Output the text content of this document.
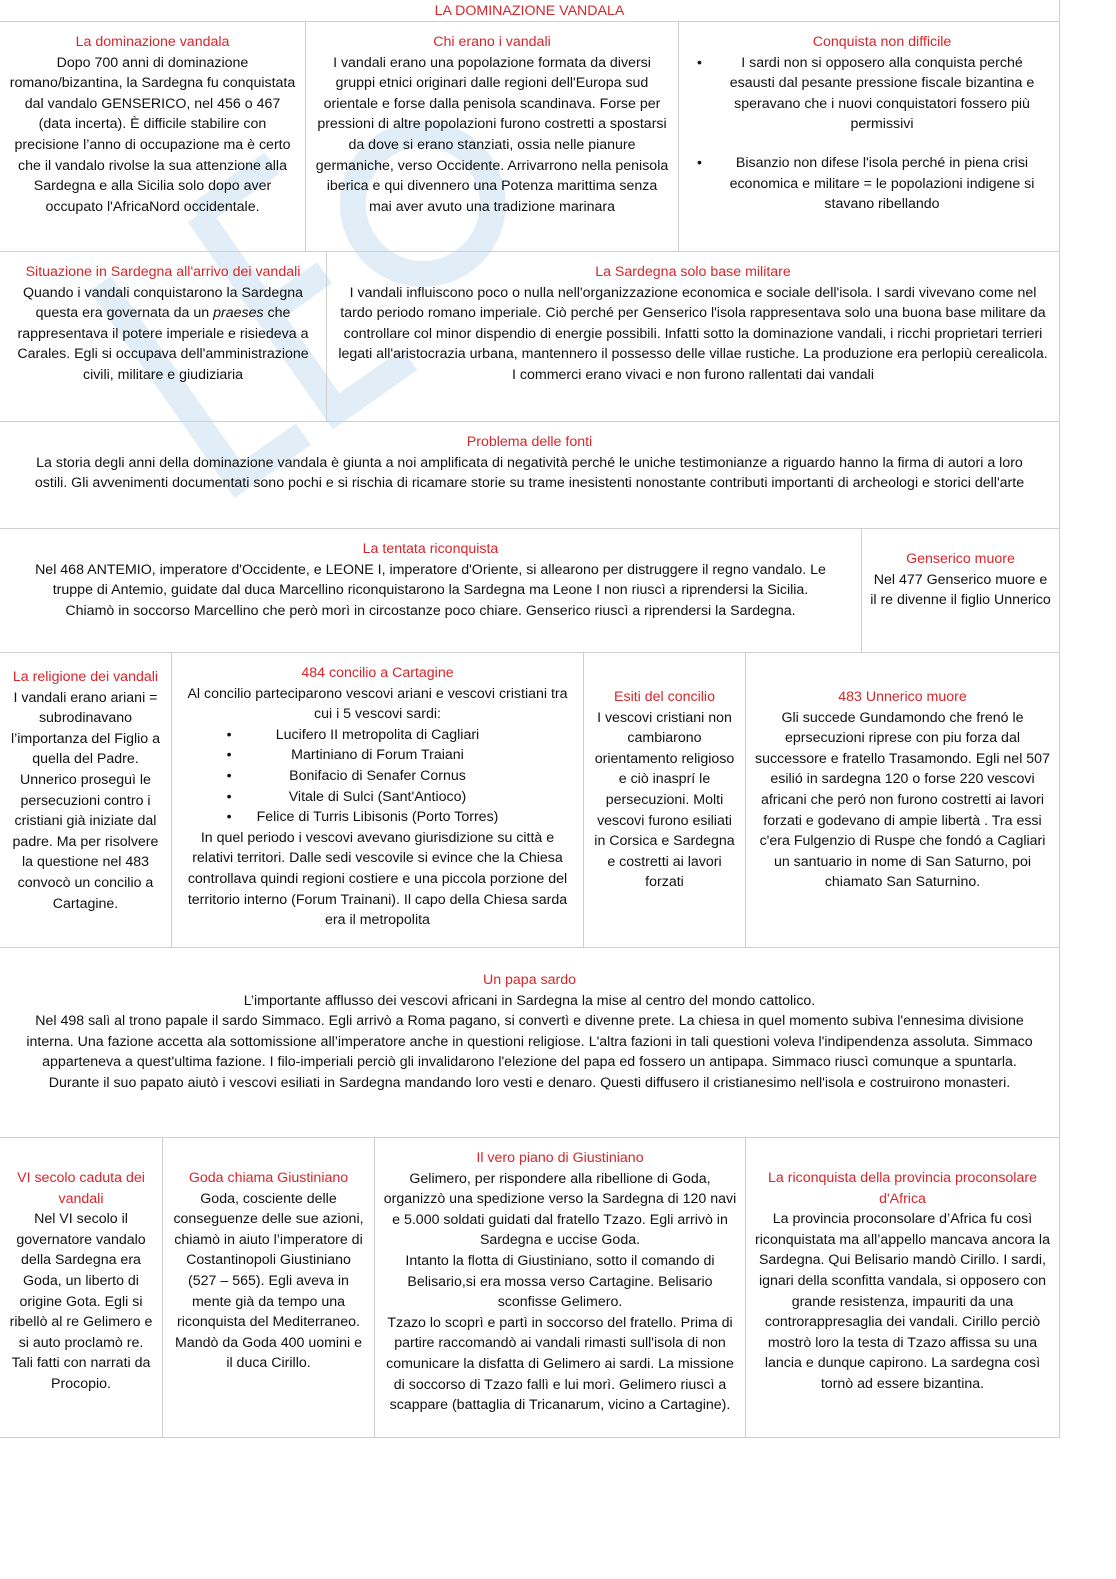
LA DOMINAZIONE VANDALA
La dominazione vandala
Dopo 700 anni di dominazione romano/bizantina, la Sardegna fu conquistata dal vandalo GENSERICO, nel 456 o 467 (data incerta). È difficile stabilire con precisione l’anno di occupazione ma è certo che il vandalo rivolse la sua attenzione alla Sardegna e alla Sicilia solo dopo aver occupato l'AfricaNord occidentale.
Chi erano i vandali
I vandali erano una popolazione formata da diversi gruppi etnici originari dalle regioni dell'Europa sud orientale e forse dalla penisola scandinava. Forse per pressioni di altre popolazioni furono costretti a spostarsi da dove si erano stanziati, ossia nelle pianure germaniche, verso Occidente. Arrivarrono nella penisola iberica e qui divennero una Potenza marittima senza mai aver avuto una tradizione marinara
Conquista non difficile
•	I sardi non si opposero alla conquista perché esausti dal pesante pressione fiscale bizantina e speravano che i nuovi conquistatori fossero più permissivi
• Bisanzio non difese l'isola perché in piena crisi economica e militare = le popolazioni indigene si stavano ribellando
Situazione in Sardegna all'arrivo dei vandali
Quando i vandali conquistarono la Sardegna questa era governata da un praeses che rappresentava il potere imperiale e risiedeva a Carales. Egli si occupava dell'amministrazione civili, militare e giudiziaria
La Sardegna solo base militare
I vandali influiscono poco o nulla nell'organizzazione economica e sociale dell'isola. I sardi vivevano come nel tardo periodo romano imperiale. Ciò perché per Genserico l'isola rappresentava solo una buona base militare da controllare col minor dispendio di energie possibili. Infatti sotto la dominazione vandali, i ricchi proprietari terrieri legati all'aristocrazia urbana, mantennero il possesso delle villae rustiche. La produzione era perlopiù cerealicola. I commerci erano vivaci e non furono rallentati dai vandali
Problema delle fonti
La storia degli anni della dominazione vandala è giunta a noi amplificata di negatività perché le uniche testimonianze a riguardo hanno la firma di autori a loro ostili. Gli avvenimenti documentati sono pochi e si rischia di ricamare storie su trame inesistenti nonostante contributi importanti di archeologi e storici dell'arte
La tentata riconquista
Nel 468 ANTEMIO, imperatore d'Occidente, e LEONE I, imperatore d'Oriente, si allearono per distruggere il regno vandalo. Le truppe di Antemio, guidate dal duca Marcellino riconquistarono la Sardegna ma Leone I non riuscì a riprendersi la Sicilia. Chiamò in soccorso Marcellino che però morì in circostanze poco chiare. Genserico riuscì a riprendersi la Sardegna.
Genserico muore
Nel 477 Genserico muore e il re divenne il figlio Unnerico
La religione dei vandali
I vandali erano ariani = subrodinavano l’importanza del Figlio a quella del Padre. Unnerico proseguì le persecuzioni contro i cristiani già iniziate dal padre. Ma per risolvere la questione nel 483 convocò un concilio a Cartagine.
484 concilio a Cartagine
Al concilio parteciparono vescovi ariani e vescovi cristiani tra cui i 5 vescovi sardi:
•	Lucifero II metropolita di Cagliari
•	Martiniano di Forum Traiani
•	Bonifacio di Senafer Cornus
•	Vitale di Sulci (Sant'Antioco)
• Felice di Turris Libisonis (Porto Torres)
In quel periodo i vescovi avevano giurisdizione su città e relativi territori. Dalle sedi vescovile si evince che la Chiesa controllava quindi regioni costiere e una piccola porzione del territorio interno (Forum Trainani). Il capo della Chiesa sarda era il metropolita
Esiti del concilio
I vescovi cristiani non cambiarono orientamento religioso e ciò inasprí le persecuzioni. Molti vescovi furono esiliati in Corsica e Sardegna e costretti ai lavori forzati
483 Unnerico muore
Gli succede Gundamondo che frenó le eprsecuzioni riprese con piu forza dal successore e fratello Trasamondo. Egli nel 507 esilió in sardegna 120 o forse 220 vescovi africani che peró non furono costretti ai lavori forzati e godevano di ampie libertà . Tra essi c'era Fulgenzio di Ruspe che fondó a Cagliari un santuario in nome di San Saturno, poi chiamato San Saturnino.
Un papa sardo
L’importante afflusso dei vescovi africani in Sardegna la mise al centro del mondo cattolico.
Nel 498 salì al trono papale il sardo Simmaco. Egli arrivò a Roma pagano, si convertì e divenne prete. La chiesa in quel momento subiva l'ennesima divisione interna. Una fazione accetta ala sottomissione all’imperatore anche in questioni religiose. L'altra fazioni in tali questioni voleva l'indipendenza assoluta. Simmaco apparteneva a quest'ultima fazione. I filo-imperiali perciò gli invalidarono l'elezione del papa ed fossero un antipapa. Simmaco riuscì comunque a spuntarla. Durante il suo papato aiutò i vescovi esiliati in Sardegna mandando loro vesti e denaro. Questi diffusero il cristianesimo nell'isola e costruirono monasteri.
VI secolo caduta dei vandali
Nel VI secolo il governatore vandalo della Sardegna era Goda, un liberto di origine Gota. Egli si ribellò al re Gelimero e si auto proclamò re. Tali fatti con narrati da Procopio.
Goda chiama Giustiniano
Goda, cosciente delle conseguenze delle sue azioni, chiamò in aiuto l’imperatore di Costantinopoli Giustiniano (527 – 565). Egli aveva in mente già da tempo una riconquista del Mediterraneo. Mandò da Goda 400 uomini e il duca Cirillo.
Il vero piano di Giustiniano
Gelimero, per rispondere alla ribellione di Goda, organizzò una spedizione verso la Sardegna di 120 navi e 5.000 soldati guidati dal fratello Tzazo. Egli arrivò in Sardegna e uccise Goda.
Intanto la flotta di Giustiniano, sotto il comando di Belisario,si era mossa verso Cartagine. Belisario sconfisse Gelimero.
Tzazo lo scoprì e partì in soccorso del fratello. Prima di partire raccomandò ai vandali rimasti sull'isola di non comunicare la disfatta di Gelimero ai sardi. La missione di soccorso di Tzazo fallì e lui morì. Gelimero riuscì a scappare (battaglia di Tricanarum, vicino a Cartagine).
La riconquista della provincia proconsolare d'Africa
La provincia proconsolare d’Africa fu così riconquistata ma all’appello mancava ancora la Sardegna. Qui Belisario mandò Cirillo. I sardi, ignari della sconfitta vandala, si opposero con grande resistenza, impauriti da una controrappresaglia dei vandali. Cirillo perciò mostrò loro la testa di Tzazo affissa su una lancia e dunque capirono. La sardegna così tornò ad essere bizantina.
